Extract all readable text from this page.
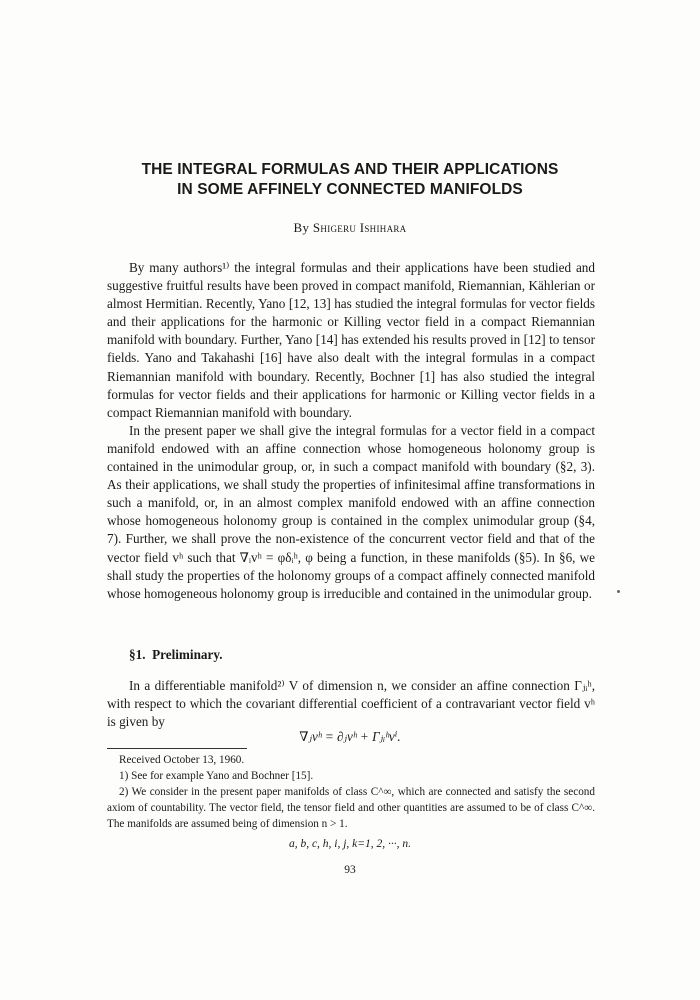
THE INTEGRAL FORMULAS AND THEIR APPLICATIONS
IN SOME AFFINELY CONNECTED MANIFOLDS
By Shigeru Ishihara

By many authors¹⁾ the integral formulas and their applications have been studied and suggestive fruitful results have been proved in compact manifold, Riemannian, Kählerian or almost Hermitian. Recently, Yano [12, 13] has studied the integral formulas for vector fields and their applications for the harmonic or Killing vector field in a compact Riemannian manifold with boundary. Further, Yano [14] has extended his results proved in [12] to tensor fields. Yano and Takahashi [16] have also dealt with the integral formulas in a compact Riemannian manifold with boundary. Recently, Bochner [1] has also studied the integral formulas for vector fields and their applications for harmonic or Killing vector fields in a compact Riemannian manifold with boundary.

In the present paper we shall give the integral formulas for a vector field in a compact manifold endowed with an affine connection whose homogeneous holonomy group is contained in the unimodular group, or, in such a compact manifold with boundary (§2, 3). As their applications, we shall study the properties of infinitesimal affine transformations in such a manifold, or, in an almost complex manifold endowed with an affine connection whose homogeneous holonomy group is contained in the complex unimodular group (§4, 7). Further, we shall prove the non-existence of the concurrent vector field and that of the vector field vʰ such that ∇ᵢvʰ = φδᵢʰ, φ being a function, in these manifolds (§5). In §6, we shall study the properties of the holonomy groups of a compact affinely connected manifold whose homogeneous holonomy group is irreducible and contained in the unimodular group.

§1. Preliminary.

In a differentiable manifold²⁾ V of dimension n, we consider an affine connection Γⱼᵢʰ, with respect to which the covariant differential coefficient of a contravariant vector field vʰ is given by

∇ⱼvʰ = ∂ⱼvʰ + Γⱼᵢʰvⁱ.

Received October 13, 1960.

1) See for example Yano and Bochner [15].

2) We consider in the present paper manifolds of class C^∞, which are connected and satisfy the second axiom of countability. The vector field, the tensor field and other quantities are assumed to be of class C^∞. The manifolds are assumed being of dimension n > 1.

a, b, c, h, i, j, k=1, 2, ···, n.
93
